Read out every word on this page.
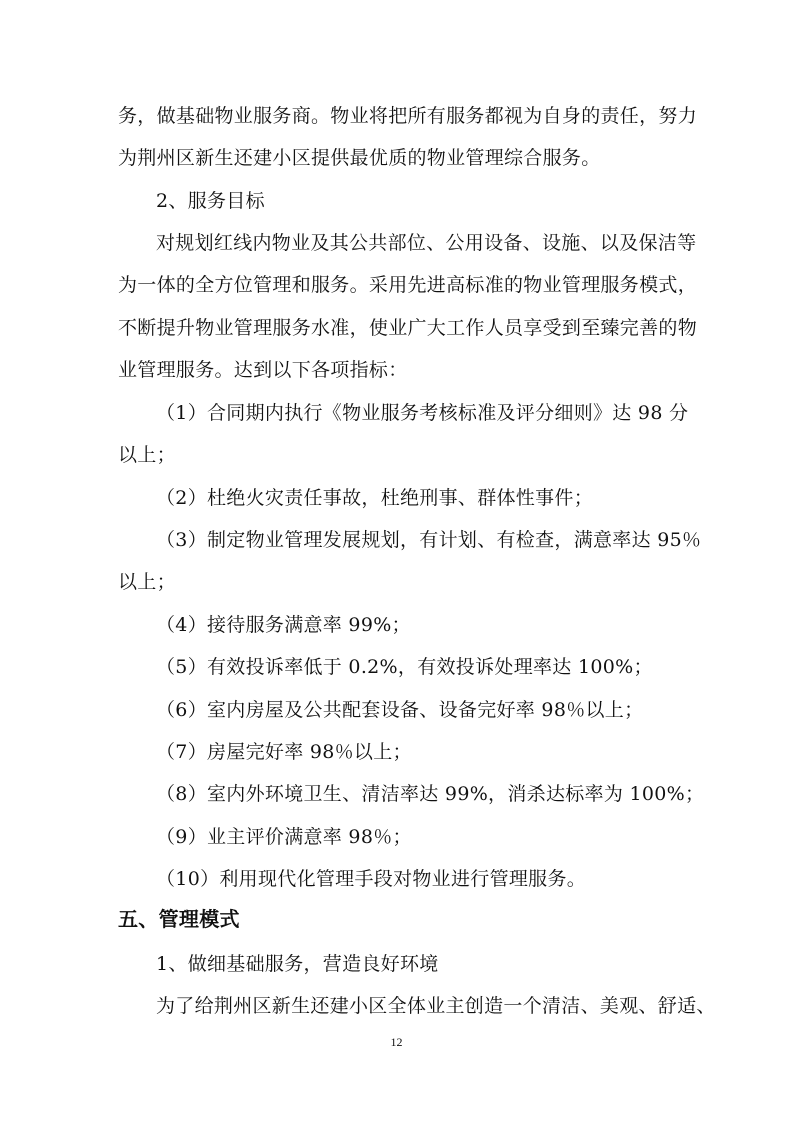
务，做基础物业服务商。物业将把所有服务都视为自身的责任，努力
为荆州区新生还建小区提供最优质的物业管理综合服务。
2、服务目标
对规划红线内物业及其公共部位、公用设备、设施、以及保洁等
为一体的全方位管理和服务。采用先进高标准的物业管理服务模式，
不断提升物业管理服务水准，使业广大工作人员享受到至臻完善的物
业管理服务。达到以下各项指标：
（1）合同期内执行《物业服务考核标准及评分细则》达 98 分
以上；
（2）杜绝火灾责任事故，杜绝刑事、群体性事件；
（3）制定物业管理发展规划，有计划、有检查，满意率达 95％
以上；
（4）接待服务满意率 99%；
（5）有效投诉率低于 0.2%，有效投诉处理率达 100%；
（6）室内房屋及公共配套设备、设备完好率 98％以上；
（7）房屋完好率 98％以上；
（8）室内外环境卫生、清洁率达 99%，消杀达标率为 100%；
（9）业主评价满意率 98％；
（10）利用现代化管理手段对物业进行管理服务。
五、管理模式
1、做细基础服务，营造良好环境
为了给荆州区新生还建小区全体业主创造一个清洁、美观、舒适、
12
